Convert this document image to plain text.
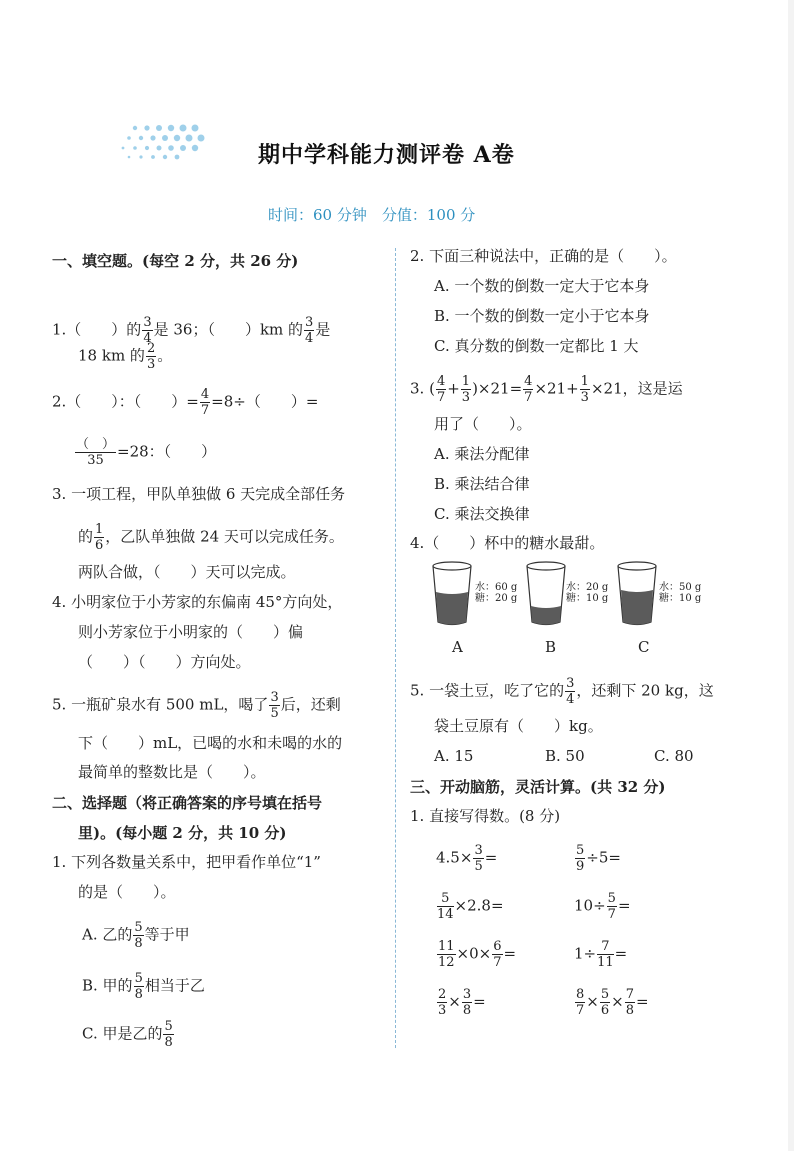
期中学科能力测评卷 A卷
时间：60 分钟　分值：100 分
一、填空题。(每空 2 分，共 26 分)
1.（　　）的 $\frac{3}{4}$ 是 36；（　　）km 的 $\frac{3}{4}$ 是
18 km 的 $\frac{2}{3}$ 。
2.（　　）：（　　）= $\frac{4}{7} =8\div$（　　）=
$\frac{( )}{35} =28$：（　　）
3. 一项工程，甲队单独做 6 天完成全部任务
的 $\frac{1}{6}$ ，乙队单独做 24 天可以完成任务。
两队合做，（　　）天可以完成。
4. 小明家位于小芳家的东偏南 45°方向处，
则小芳家位于小明家的（　　）偏
（　　）（　　）方向处。
5. 一瓶矿泉水有 500 mL，喝了 $\frac{3}{5}$ 后，还剩
下（　　）mL，已喝的水和未喝的水的
最简单的整数比是（　　）。
二、选择题（将正确答案的序号填在括号
里)。(每小题 2 分，共 10 分)
1. 下列各数量关系中，把甲看作单位“1”
的是（　　）。
A. 乙的 $\frac{5}{8}$ 等于甲
B. 甲的 $\frac{5}{8}$ 相当于乙
C. 甲是乙的 $\frac{5}{8}$
2. 下面三种说法中，正确的是（　　）。
A. 一个数的倒数一定大于它本身
B. 一个数的倒数一定小于它本身
C. 真分数的倒数一定都比 1 大
3. ( $\frac{4}{7} + \frac{1}{3} )\times 21= \frac{4}{7} \times 21+ \frac{1}{3} \times 21$，这是运
用了（　　）。
A. 乘法分配律
B. 乘法结合律
C. 乘法交换律
4.（　　）杯中的糖水最甜。
水：60 g
糖：20 g
水：20 g
糖：10 g
水：50 g
糖：10 g
A	B	C
5. 一袋土豆，吃了它的 $\frac{3}{4}$ ，还剩下 20 kg，这
袋土豆原有（　　）kg。
A. 15	B. 50	C. 80
三、开动脑筋，灵活计算。(共 32 分)
1. 直接写得数。(8 分)
$4.5\times \frac{3}{5}$ =	$\frac{5}{9} \div 5=$
$\frac{5}{14} \times 2.8=$	$10\div \frac{5}{7}$ =
$\frac{11}{12} \times 0\times \frac{6}{7}$ =	$1\div \frac{7}{11}$ =
$\frac{2}{3} \times \frac{3}{8}$ =	$\frac{8}{7} \times \frac{5}{6} \times \frac{7}{8}$ =
